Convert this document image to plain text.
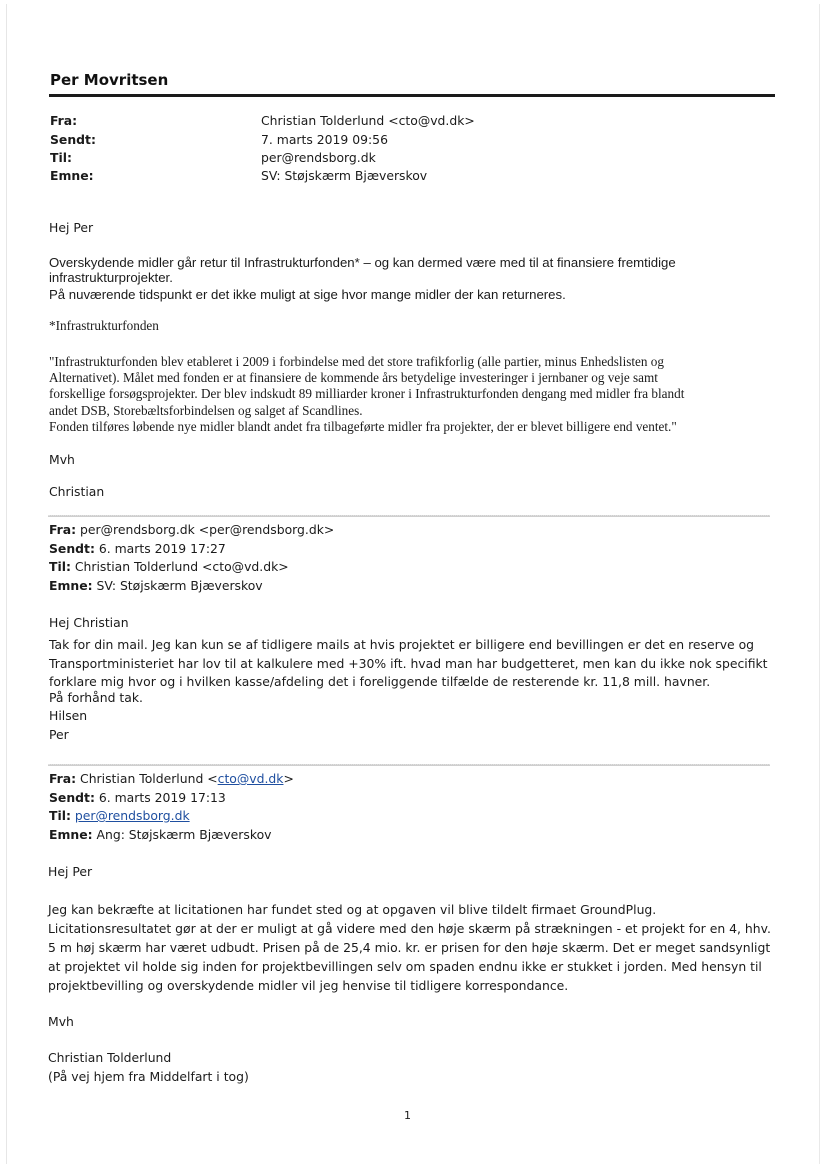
Per Movritsen
Fra:
Sendt:
Til:
Emne:
Christian Tolderlund <cto@vd.dk>
7. marts 2019 09:56
per@rendsborg.dk
SV: Støjskærm Bjæverskov
Hej Per
Overskydende midler går retur til Infrastrukturfonden* – og kan dermed være med til at finansiere fremtidige
infrastrukturprojekter.
På nuværende tidspunkt er det ikke muligt at sige hvor mange midler der kan returneres.
*Infrastrukturfonden
"Infrastrukturfonden blev etableret i 2009 i forbindelse med det store trafikforlig (alle partier, minus Enhedslisten og
Alternativet). Målet med fonden er at finansiere de kommende års betydelige investeringer i jernbaner og veje samt
forskellige forsøgsprojekter. Der blev indskudt 89 milliarder kroner i Infrastrukturfonden dengang med midler fra blandt
andet DSB, Storebæltsforbindelsen og salget af Scandlines.
Fonden tilføres løbende nye midler blandt andet fra tilbageførte midler fra projekter, der er blevet billigere end ventet."
Mvh
Christian
Fra: per@rendsborg.dk <per@rendsborg.dk>
Sendt: 6. marts 2019 17:27
Til: Christian Tolderlund <cto@vd.dk>
Emne: SV: Støjskærm Bjæverskov
Hej Christian
Tak for din mail. Jeg kan kun se af tidligere mails at hvis projektet er billigere end bevillingen er det en reserve og
Transportministeriet har lov til at kalkulere med +30% ift. hvad man har budgetteret, men kan du ikke nok specifikt
forklare mig hvor og i hvilken kasse/afdeling det i foreliggende tilfælde de resterende kr. 11,8 mill. havner.
På forhånd tak.
Hilsen
Per
Fra: Christian Tolderlund <cto@vd.dk>
Sendt: 6. marts 2019 17:13
Til: per@rendsborg.dk
Emne: Ang: Støjskærm Bjæverskov
Hej Per
Jeg kan bekræfte at licitationen har fundet sted og at opgaven vil blive tildelt firmaet GroundPlug.
Licitationsresultatet gør at der er muligt at gå videre med den høje skærm på strækningen - et projekt for en 4, hhv.
5 m høj skærm har været udbudt. Prisen på de 25,4 mio. kr. er prisen for den høje skærm. Det er meget sandsynligt
at projektet vil holde sig inden for projektbevillingen selv om spaden endnu ikke er stukket i jorden. Med hensyn til
projektbevilling og overskydende midler vil jeg henvise til tidligere korrespondance.
Mvh
Christian Tolderlund
(På vej hjem fra Middelfart i tog)
1
